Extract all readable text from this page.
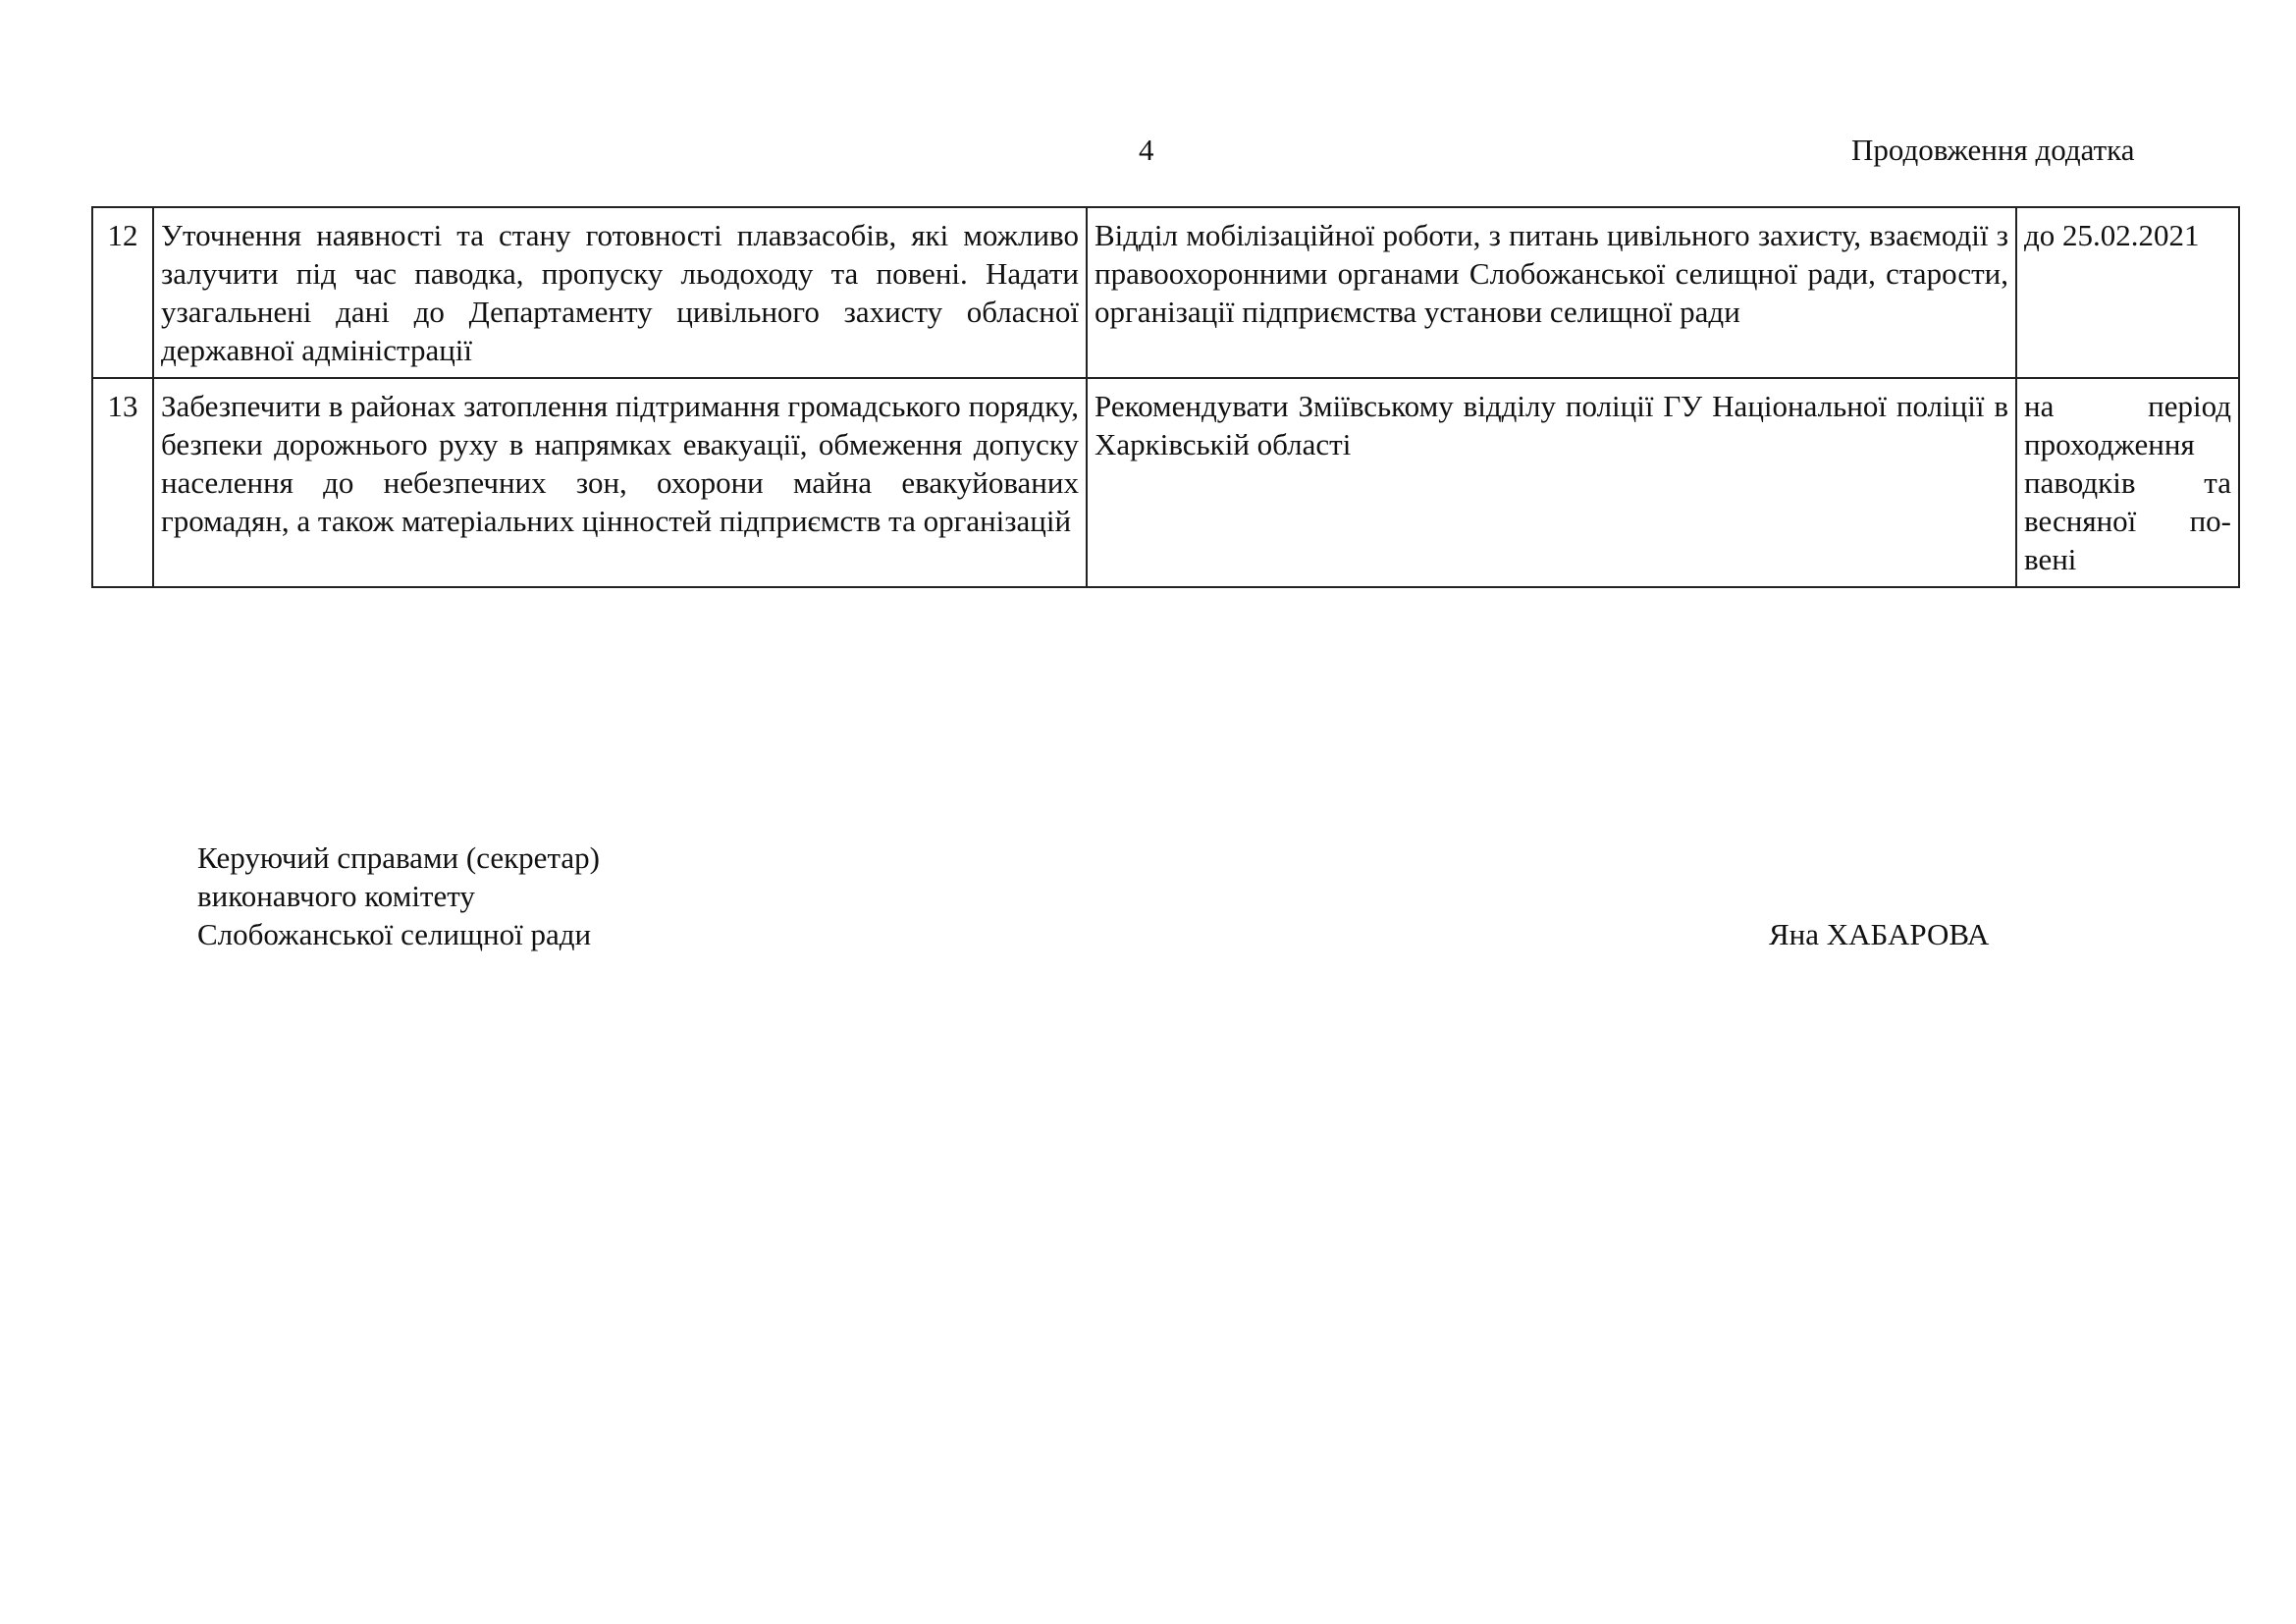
4	Продовження додатка
12	Уточнення наявності та стану готовності плавзасобів, які можливо залучити під час паводка, пропуску льодоходу та повені. Надати узагальнені дані до Департаменту цивільного захисту обласної державної адміністрації	Відділ мобілізаційної роботи, з питань цивільного захисту, взаємодії з правоохоронними органами Слобожанської селищної ради, старости, організації підприємства установи селищної ради	до 25.02.2021
13	Забезпечити в районах затоплення підтримання громадського порядку, безпеки дорожнього руху в напрямках евакуації, обмеження допуску населення до небезпечних зон, охорони майна евакуйованих громадян, а також матеріальних цінностей підприємств та організацій	Рекомендувати Зміївському відділу поліції ГУ Національної поліції в Харківській області	на період проходження паводків та весняної по-вені
Керуючий справами (секретар)
виконавчого комітету
Слобожанської селищної ради	Яна ХАБАРОВА
